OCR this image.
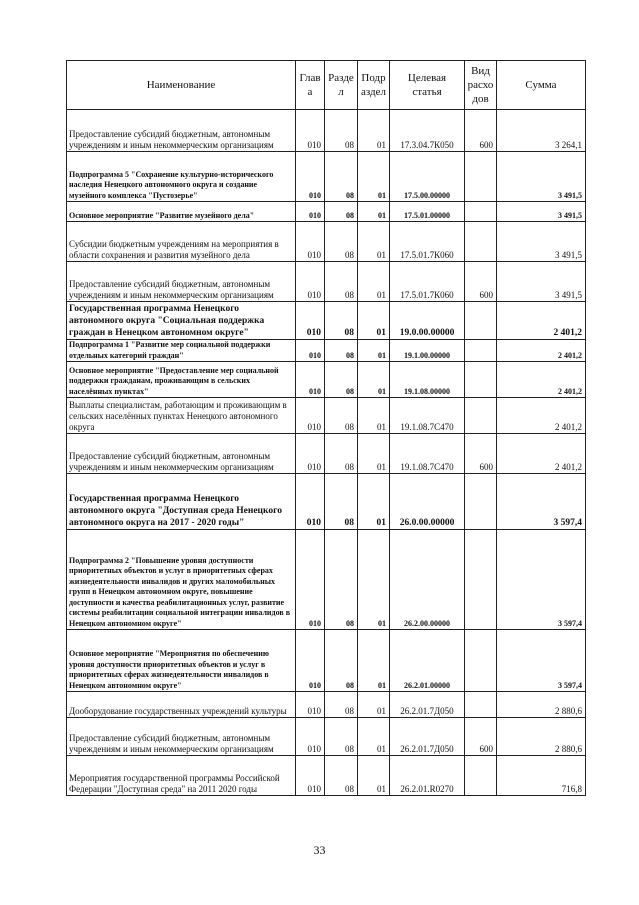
Наименование	Глав а	Разде л	Подр аздел	Целевая статья	Вид расхо дов	Сумма
Предоставление субсидий бюджетным, автономным учреждениям и иным некоммерческим организациям	010	08	01	17.3.04.7К050	600	3 264,1
Подпрограмма 5 "Сохранение культурно-исторического наследия Ненецкого автономного округа и создание музейного комплекса "Пустозерье"	010	08	01	17.5.00.00000		3 491,5
Основное мероприятие "Развитие музейного дела"	010	08	01	17.5.01.00000		3 491,5
Субсидии бюджетным учреждениям на мероприятия в области сохранения и развития музейного дела	010	08	01	17.5.01.7К060		3 491,5
Предоставление субсидий бюджетным, автономным учреждениям и иным некоммерческим организациям	010	08	01	17.5.01.7К060	600	3 491,5
Государственная программа Ненецкого автономного округа "Социальная поддержка граждан в Ненецком автономном округе"	010	08	01	19.0.00.00000		2 401,2
Подпрограмма 1 "Развитие мер социальной поддержки отдельных категорий граждан"	010	08	01	19.1.00.00000		2 401,2
Основное мероприятие "Предоставление мер социальной поддержки гражданам, проживающим в сельских населённых пунктах"	010	08	01	19.1.08.00000		2 401,2
Выплаты специалистам, работающим и проживающим в сельских населённых пунктах Ненецкого автономного округа	010	08	01	19.1.08.7С470		2 401,2
Предоставление субсидий бюджетным, автономным учреждениям и иным некоммерческим организациям	010	08	01	19.1.08.7С470	600	2 401,2
Государственная программа Ненецкого автономного округа "Доступная среда Ненецкого автономного округа на 2017 - 2020 годы"	010	08	01	26.0.00.00000		3 597,4
Подпрограмма 2 "Повышение уровня доступности приоритетных объектов и услуг в приоритетных сферах жизнедеятельности инвалидов и других маломобильных групп в Ненецком автономном округе, повышение доступности и качества реабилитационных услуг, развитие системы реабилитации социальной интеграции инвалидов в Ненецком автономном округе"	010	08	01	26.2.00.00000		3 597,4
Основное мероприятие "Мероприятия по обеспечению уровня доступности приоритетных объектов и услуг в приоритетных сферах жизнедеятельности инвалидов в Ненецком автономном округе"	010	08	01	26.2.01.00000		3 597,4
Дооборудование государственных учреждений культуры	010	08	01	26.2.01.7Д050		2 880,6
Предоставление субсидий бюджетным, автономным учреждениям и иным некоммерческим организациям	010	08	01	26.2.01.7Д050	600	2 880,6
Мероприятия государственной программы Российской Федерации "Доступная среда" на 2011 2020 годы	010	08	01	26.2.01.R0270		716,8
33
